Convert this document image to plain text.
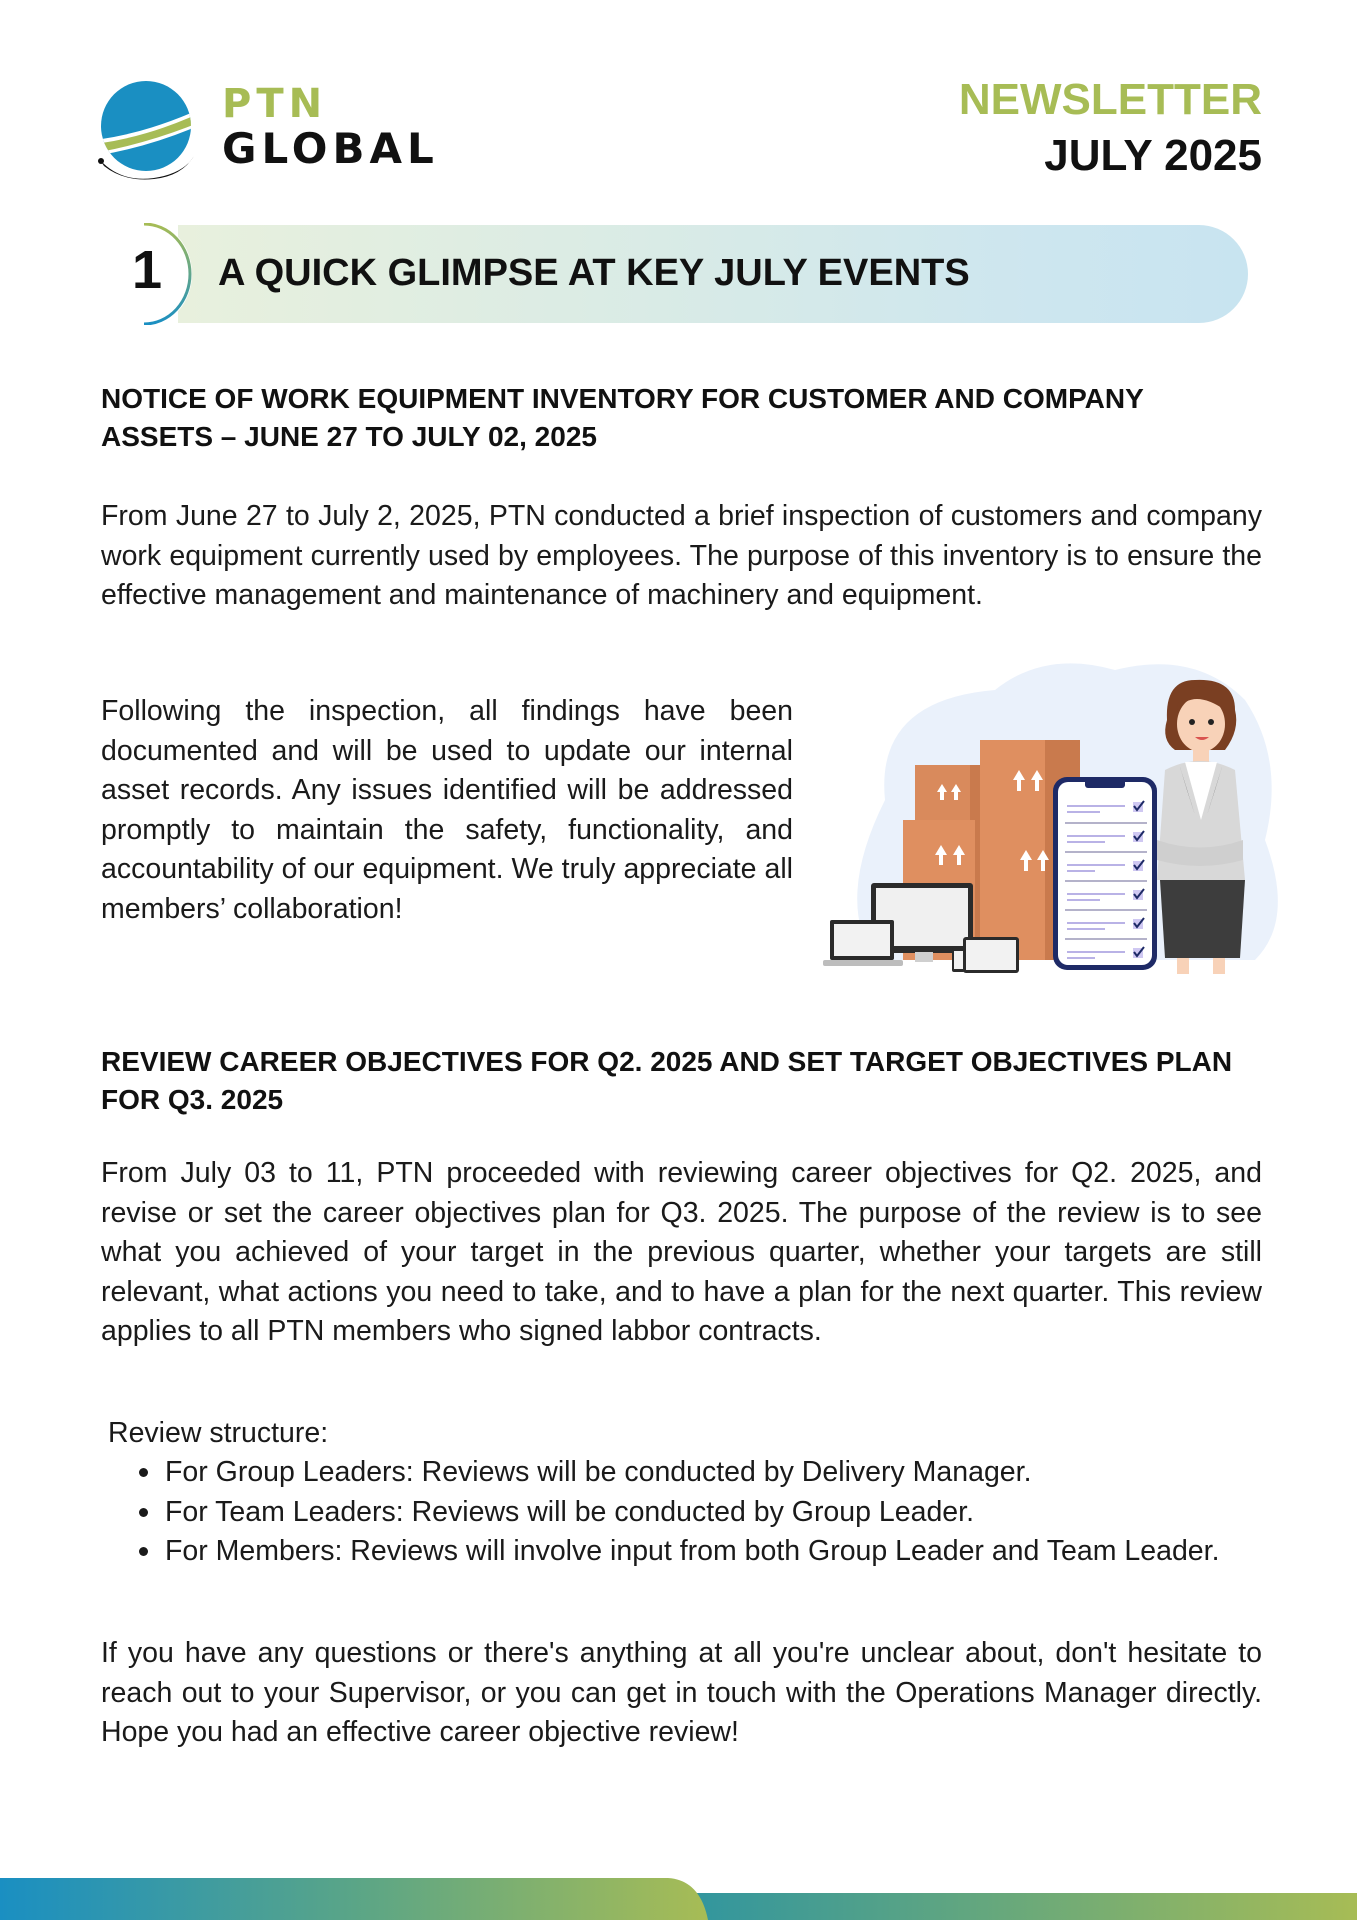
PTN
GLOBAL
NEWSLETTER
JULY 2025
1 A QUICK GLIMPSE AT KEY JULY EVENTS
NOTICE OF WORK EQUIPMENT INVENTORY FOR CUSTOMER AND COMPANY ASSETS – JUNE 27 TO JULY 02, 2025

From June 27 to July 2, 2025, PTN conducted a brief inspection of customers and company work equipment currently used by employees. The purpose of this inventory is to ensure the effective management and maintenance of machinery and equipment.

Following the inspection, all findings have been documented and will be used to update our internal asset records. Any issues identified will be addressed promptly to maintain the safety, functionality, and accountability of our equipment. We truly appreciate all members’ collaboration!

REVIEW CAREER OBJECTIVES FOR Q2. 2025 AND SET TARGET OBJECTIVES PLAN FOR Q3. 2025

From July 03 to 11, PTN proceeded with reviewing career objectives for Q2. 2025, and revise or set the career objectives plan for Q3. 2025. The purpose of the review is to see what you achieved of your target in the previous quarter, whether your targets are still relevant, what actions you need to take, and to have a plan for the next quarter. This review applies to all PTN members who signed labbor contracts.

Review structure:
For Group Leaders: Reviews will be conducted by Delivery Manager.
For Team Leaders: Reviews will be conducted by Group Leader.
For Members: Reviews will involve input from both Group Leader and Team Leader.

If you have any questions or there's anything at all you're unclear about, don't hesitate to reach out to your Supervisor, or you can get in touch with the Operations Manager directly. Hope you had an effective career objective review!
